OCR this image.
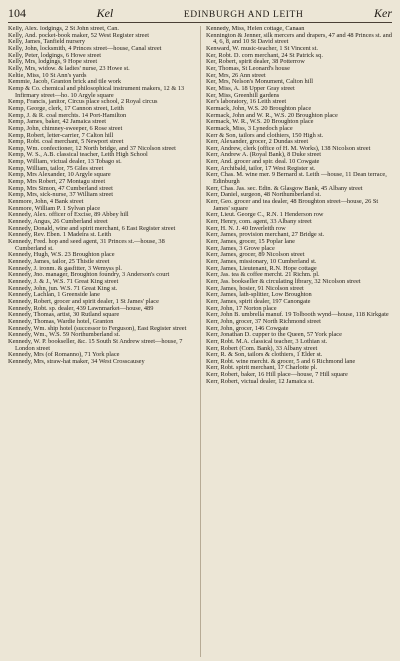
104	Kel	EDINBURGH AND LEITH	Ker
Kelly, Alex. lodgings, 2 St John street, Can.
Kelly, And. pocket-book maker, 52 West Register street
Kelly, James, Tanfield nursery
Kelly, John, locksmith, 4 Princes street—house, Canal street
Kelly, Peter, lodgings, 6 Howe street
Kelly, Mrs, lodgings, 9 Hope street
Kelly, Mrs, widow. & ladies' nurse, 23 Howe st.
Keltie, Miss, 10 St Ann's yards
Kemmie, Jacob, Granton brick and tile work
Kemp & Co. chemical and philosophical instrument makers, 12 & 13 Infirmary street—ho. 10 Argyle square
Kemp, Francis, janitor, Circus place school, 2 Royal circus
Kemp, George, clerk, 17 Cannon street, Leith
Kemp, J. & R. coal merchts. 14 Port-Hamilton
Kemp, James, baker, 42 Jamaica street
Kemp, John, chimney-sweeper, 6 Rose street
Kemp, Robert, letter-carrier, 7 Calton hill
Kemp, Robt. coal merchant, 5 Newport street
Kemp, Wm. confectioner, 12 North bridge, and 37 Nicolson street
Kemp, W. S., A.B. classical teacher, Leith High School
Kemp, William, victual dealer, 13 Tobago st.
Kemp, William, tailor, 75 Giles street
Kemp, Mrs Alexander, 10 Argyle square
Kemp, Mrs Robert, 27 Montagu street
Kemp, Mrs Simon, 47 Cumberland street
Kemp, Mrs, sick-nurse, 37 William street
Kenmore, John, 4 Bank street
Kenmore, William P. 1 Sylvan place
Kennedy, Alex. officer of Excise, 89 Abbey hill
Kennedy, Angus, 26 Cumberland street
Kennedy, Donald, wine and spirit merchant, 6 East Register street
Kennedy, Rev. Eben. 1 Madeira st. Leith
Kennedy, Fred. hop and seed agent, 31 Princes st.—house, 38 Cumberland st.
Kennedy, Hugh, W.S. 23 Broughton place
Kennedy, James, tailor, 25 Thistle street
Kennedy, J. ironm. & gasfitter, 3 Wemyss pl.
Kennedy, Jno. manager, Broughton foundry, 3 Anderson's court
Kennedy, J. & J., W.S. 71 Great King street
Kennedy, John, jun. W.S. 71 Great King st.
Kennedy, Lachlan, 1 Greenside lane
Kennedy, Robert, grocer and spirit dealer, 1 St James' place
Kennedy, Robt. sp. dealer, 439 Lawnmarket—house, 489
Kennedy, Thomas, artist, 30 Rutland square
Kennedy, Thomas, Wardie hotel, Granton
Kennedy, Wm. ship hotel (successor to Ferguson), East Register street
Kennedy, Wm., W.S. 59 Northumberland st.
Kennedy, W. P. bookseller, &c. 15 South St Andrew street—house, 7 London street
Kennedy, Mrs (of Romanno), 71 York place
Kennedy, Mrs, straw-hat maker, 34 West Crosscausey
Kennedy, Miss, Helen cottage, Canaan
Kennington & Jenner, silk mercers and drapers, 47 and 48 Princes st. and 4, 6, 8, and 10 St David street
Kenward, W. music-teacher, 1 St Vincent st.
Ker, Robt. D. corn merchant, 24 St Patrick sq.
Ker, Robert, spirit dealer, 38 Potterrow
Ker, Thomas, St Leonard's house
Ker, Mrs, 26 Ann street
Ker, Mrs, Nelson's Monument, Calton hill
Ker, Miss, A. 18 Upper Gray street
Ker, Miss, Greenhill gardens
Ker's laboratory, 16 Leith street
Kermack, John, W.S. 20 Broughton place
Kermack, John and W. R., W.S. 20 Broughton place
Kermack, W. R., W.S. 20 Broughton place
Kermack, Miss, 3 Lynedoch place
Kerr & Son, tailors and clothiers, 150 High st.
Kerr, Alexander, grocer, 2 Dundas street
Kerr, Andrew, clerk (office of H. M. Works), 138 Nicolson street
Kerr, Andrew A. (Royal Bank), 8 Duke street
Kerr, And. grocer and spir. deal. 10 Cowgate
Kerr, Archibald, tailor, 17 West Register st.
Kerr, Chas. M. wine mer. 9 Bernard st. Leith —house, 11 Dean terrace, Edinburgh
Kerr, Chas. Jas. sec. Edin. & Glasgow Bank, 45 Albany street
Kerr, Daniel, surgeon, 48 Northumberland st.
Kerr, Geo. grocer and tea dealer, 48 Broughton street—house, 26 St James' square
Kerr, Lieut. George C., R.N. 1 Henderson row
Kerr, Henry, com. agent, 33 Albany street
Kerr, H. N. J. 40 Inverleith row
Kerr, James, provision merchant, 27 Bridge st.
Kerr, James, grocer, 15 Poplar lane
Kerr, James, 3 Grove place
Kerr, James, grocer, 89 Nicolson street
Kerr, James, missionary, 10 Cumberland st.
Kerr, James, Lieutenant, R.N. Hope cottage
Kerr, Jas. tea & coffee mercht. 21 Richm. pl.
Kerr, Jas. bookseller & circulating library, 32 Nicolson street
Kerr, James, hosier, 91 Nicolson street
Kerr, James, lath-splitter, Low Broughton
Kerr, James, spirit dealer, 197 Canongate
Kerr, John, 17 Norton place
Kerr, John B. umbrella manuf. 19 Tolbooth wynd—house, 118 Kirkgate
Kerr, John, grocer, 37 North Richmond street
Kerr, John, grocer, 146 Cowgate
Kerr, Jonathan D. cupper to the Queen, 57 York place
Kerr, Robt. M.A. classical teacher, 3 Lothian st.
Kerr, Robert (Com. Bank), 33 Albany street
Kerr, R. & Son, tailors & clothiers, 1 Elder st.
Kerr, Robt. wine mercht. & grocer, 5 and 6 Richmond lane
Kerr, Robt. spirit merchant, 17 Charlotte pl.
Kerr, Robert, baker, 16 Hill place—house, 7 Hill square
Kerr, Robert, victual dealer, 12 Jamaica st.
